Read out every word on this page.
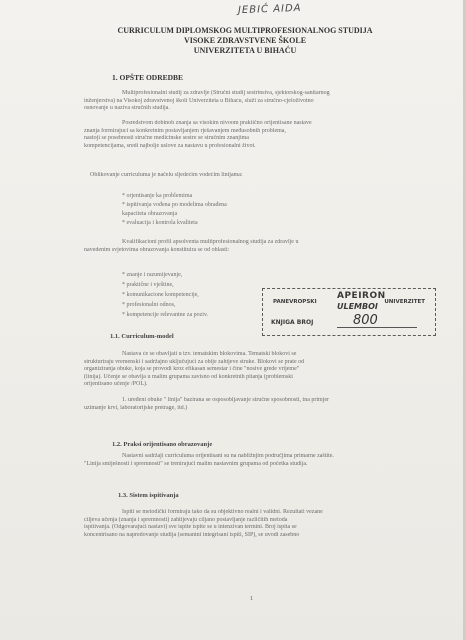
JEBIĆ AIDA
CURRICULUM DIPLOMSKOG MULTIPROFESIONALNOG STUDIJA
VISOKE ZDRAVSTVENE ŠKOLE
UNIVERZITETA U BIHAĆU
1. OPŠTE ODREDBE
Multiprofesionalni studij za zdravlje (Stručni studij sestrinstva, sjektorskog-sanitarnog
inženjerstva) na Visokoj zdravstvenoj školi Univerziteta u Bihaću, služi za stručno-cjeloživotno
osnovanje u naziva stručnih studija.
Posredstvom dobinoh znanja sa visokim nivoom praktično orijentisane nastave
znanja formirajuci sa konkretnim postavljanjem rješavanjem međusobnih problema,
nastoji se posebnosti stručne medicinske sestre se stručnim znanjima
kompetencijama, sredi najbolje uslove za nastavu u profesionalni život.
Oblikovanje curriculuma je načelu sljedećim vodećim linijama:
* orjentisanje ka problemima
* ispitivanja vođena po modelima obrađena
kapaciteta obrazovanja
* evaluacija i kontrola kvaliteta
Kvalifikacioni profil apsolventa multiprofesionalnog studija za zdravlje u
navedenim svjetovima obrazovanja konstituira se od oblasti:
* znanje i razumijevanje,
* praktične i vještine,
* komunikacione kompetencije,
* profesionalni odnos,
* kompetencije relevantne za poziv.
PANEVROPSKI
APEIRON
ULEMBOI UNIVERZITET
KNJIGA BROJ	800
1.1. Curriculum-model
Nastava će se obavljati u tzv. tematskim blokovima. Tematski blokovi se
strukturiraju vremenski i sadržajno uključujući za obije zahtjeve struke. Blokovi se prate od
organiziranja obuke, koja se provodi kroz efikasan semestar i čine "nosive grede vrijeme"
(linija). Učenje se obavlja u malim grupama zavisno od konkretnih pitanja (problemski
orijentisano učenje /POL).
1. uređeni obuke " linija" bazirana se osposobljavanje stručne sposobnosti, tna primjer
uzimanje krvi, laboratorijske pretrage, itd.)
1.2. Praksi orijentisano obrazovanje
Nastavni sadržaji curriculuma orijentisani su na nabližnjim područjima primarne zaštite.
"Linija smiješnosti i spremnosti" se trenirajući malim nastavnim grupama od početka studija.
1.3. Sistem ispitivanja
Ispiti se metodički formiraju tako da su objektivno realni i validni. Rezultati vezane
ciljeva učenja (znanja i spremnosti) zahtijevaju ciljano postavljanje različitih metoda
ispitivanja. (Odgovarajući nastavi) sve ispite ispite se u intenzivan termini. Broj ispita se
koncentrisano na napredovanje studija (semantni integrisani ispiti, SIP), se uvodi zasebno
1
